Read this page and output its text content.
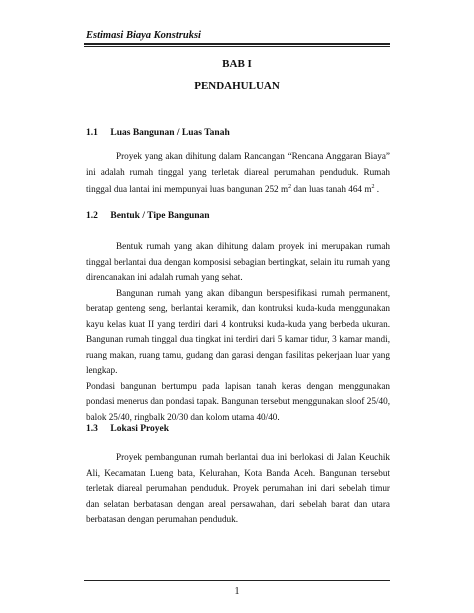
Estimasi Biaya Konstruksi
BAB I
PENDAHULUAN
1.1 Luas Bangunan / Luas Tanah

Proyek yang akan dihitung dalam Rancangan “Rencana Anggaran Biaya” ini adalah rumah tinggal yang terletak diareal perumahan penduduk. Rumah tinggal dua lantai ini mempunyai luas bangunan 252 $m^2$ dan luas tanah 464 $m^2$ .

1.2 Bentuk / Tipe Bangunan

Bentuk rumah yang akan dihitung dalam proyek ini merupakan rumah tinggal berlantai dua dengan komposisi sebagian bertingkat, selain itu rumah yang direncanakan ini adalah rumah yang sehat.

Bangunan rumah yang akan dibangun berspesifikasi rumah permanent, beratap genteng seng, berlantai keramik, dan kontruksi kuda-kuda menggunakan kayu kelas kuat II yang terdiri dari 4 kontruksi kuda-kuda yang berbeda ukuran. Bangunan rumah tinggal dua tingkat ini terdiri dari 5 kamar tidur, 3 kamar mandi, ruang makan, ruang tamu, gudang dan garasi dengan fasilitas pekerjaan luar yang lengkap.

Pondasi bangunan bertumpu pada lapisan tanah keras dengan menggunakan pondasi menerus dan pondasi tapak. Bangunan tersebut menggunakan sloof 25/40, balok 25/40, ringbalk 20/30 dan kolom utama 40/40.

1.3 Lokasi Proyek

Proyek pembangunan rumah berlantai dua ini berlokasi di Jalan Keuchik Ali, Kecamatan Lueng bata, Kelurahan, Kota Banda Aceh. Bangunan tersebut terletak diareal perumahan penduduk. Proyek perumahan ini dari sebelah timur dan selatan berbatasan dengan areal persawahan, dari sebelah barat dan utara berbatasan dengan perumahan penduduk.

1
